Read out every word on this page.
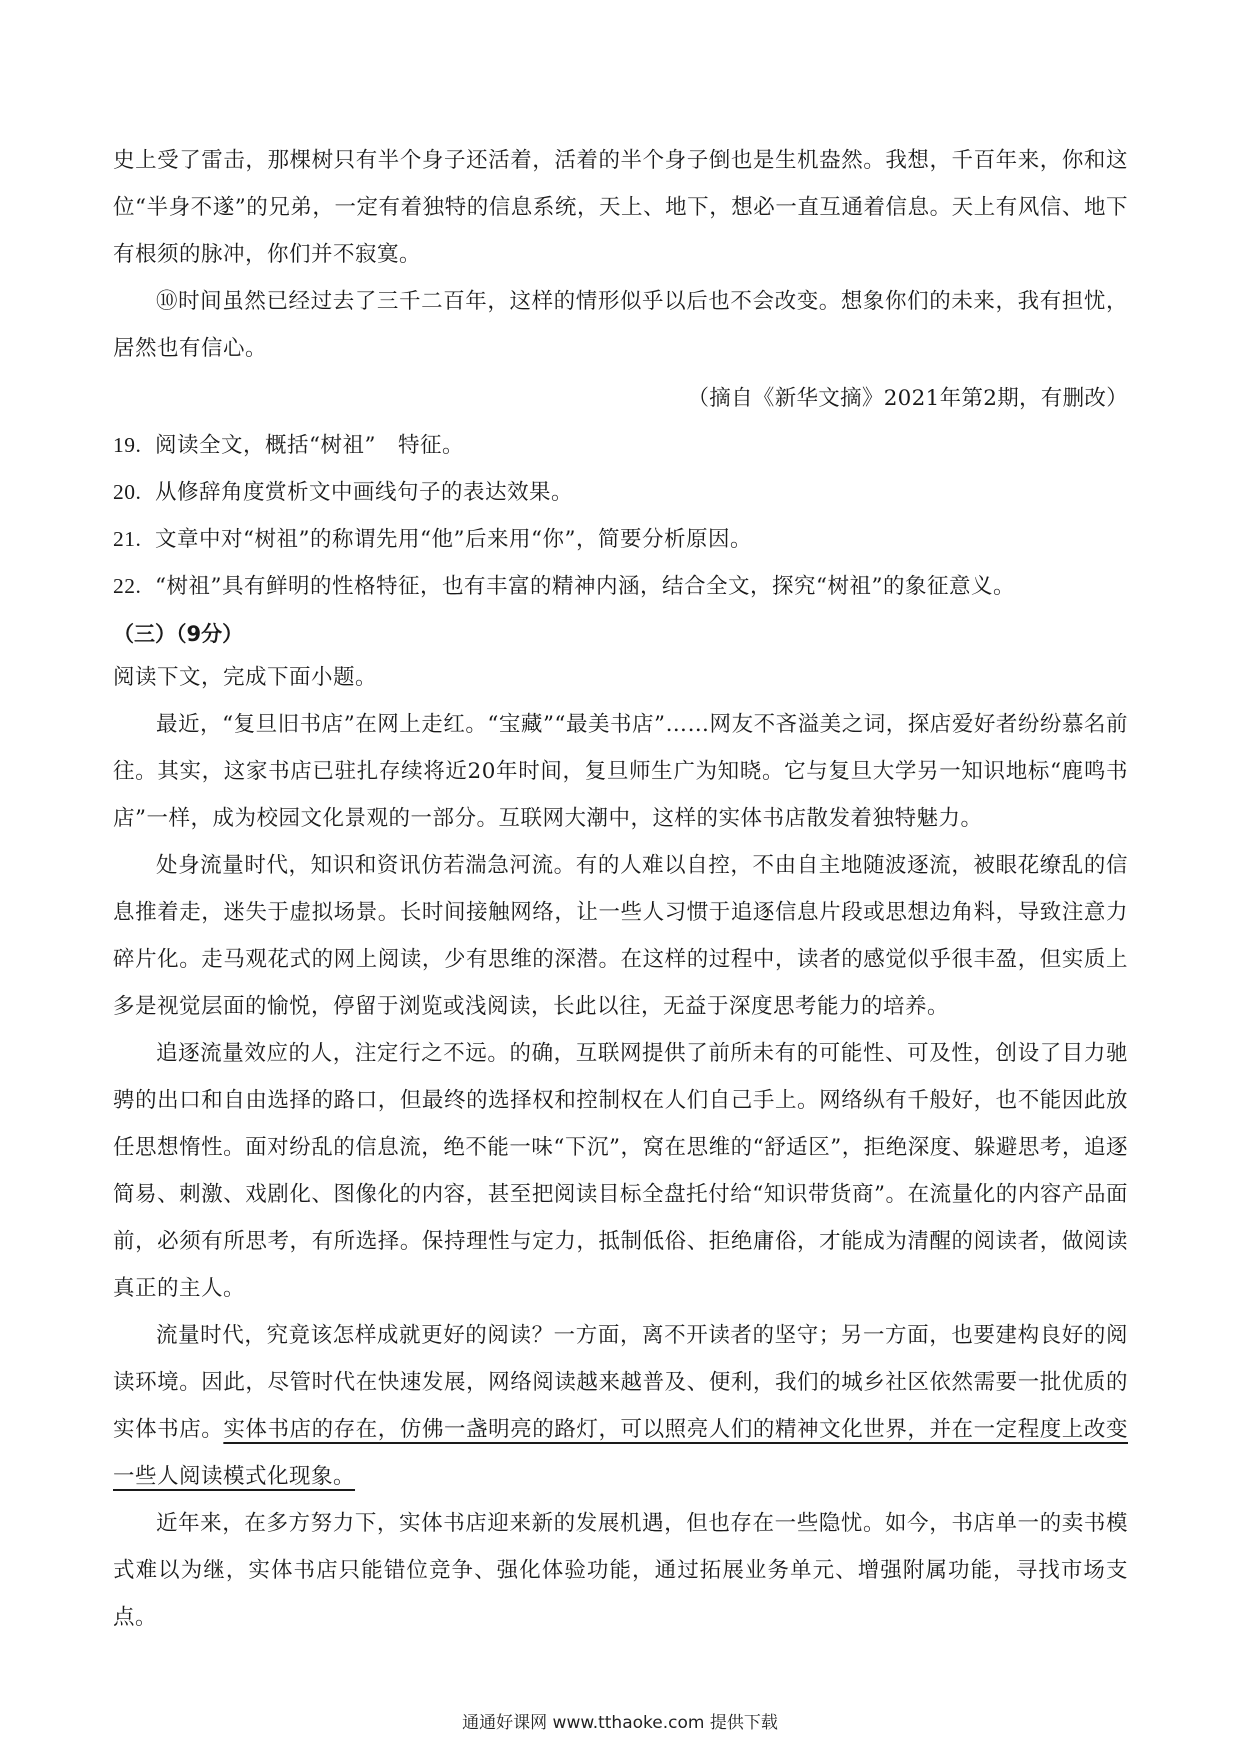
史上受了雷击，那棵树只有半个身子还活着，活着的半个身子倒也是生机盎然。我想，千百年来，你和这位“半身不遂”的兄弟，一定有着独特的信息系统，天上、地下，想必一直互通着信息。天上有风信、地下有根须的脉冲，你们并不寂寞。

⑩时间虽然已经过去了三千二百年，这样的情形似乎以后也不会改变。想象你们的未来，我有担忧，居然也有信心。

（摘自《新华文摘》2021年第2期，有删改）

19. 阅读全文，概括“树祖”　特征。

20. 从修辞角度赏析文中画线句子的表达效果。

21. 文章中对“树祖”的称谓先用“他”后来用“你”，简要分析原因。

22. “树祖”具有鲜明的性格特征，也有丰富的精神内涵，结合全文，探究“树祖”的象征意义。

（三）（9分）

阅读下文，完成下面小题。

最近，“复旦旧书店”在网上走红。“宝藏”“最美书店”……网友不吝溢美之词，探店爱好者纷纷慕名前往。其实，这家书店已驻扎存续将近20年时间，复旦师生广为知晓。它与复旦大学另一知识地标“鹿鸣书店”一样，成为校园文化景观的一部分。互联网大潮中，这样的实体书店散发着独特魅力。

处身流量时代，知识和资讯仿若湍急河流。有的人难以自控，不由自主地随波逐流，被眼花缭乱的信息推着走，迷失于虚拟场景。长时间接触网络，让一些人习惯于追逐信息片段或思想边角料，导致注意力碎片化。走马观花式的网上阅读，少有思维的深潜。在这样的过程中，读者的感觉似乎很丰盈，但实质上多是视觉层面的愉悦，停留于浏览或浅阅读，长此以往，无益于深度思考能力的培养。

追逐流量效应的人，注定行之不远。的确，互联网提供了前所未有的可能性、可及性，创设了目力驰骋的出口和自由选择的路口，但最终的选择权和控制权在人们自己手上。网络纵有千般好，也不能因此放任思想惰性。面对纷乱的信息流，绝不能一味“下沉”，窝在思维的“舒适区”，拒绝深度、躲避思考，追逐简易、刺激、戏剧化、图像化的内容，甚至把阅读目标全盘托付给“知识带货商”。在流量化的内容产品面前，必须有所思考，有所选择。保持理性与定力，抵制低俗、拒绝庸俗，才能成为清醒的阅读者，做阅读真正的主人。

流量时代，究竟该怎样成就更好的阅读？一方面，离不开读者的坚守；另一方面，也要建构良好的阅读环境。因此，尽管时代在快速发展，网络阅读越来越普及、便利，我们的城乡社区依然需要一批优质的实体书店。实体书店的存在，仿佛一盏明亮的路灯，可以照亮人们的精神文化世界，并在一定程度上改变一些人阅读模式化现象。

近年来，在多方努力下，实体书店迎来新的发展机遇，但也存在一些隐忧。如今，书店单一的卖书模式难以为继，实体书店只能错位竞争、强化体验功能，通过拓展业务单元、增强附属功能，寻找市场支点。

通通好课网 www.tthaoke.com 提供下载
